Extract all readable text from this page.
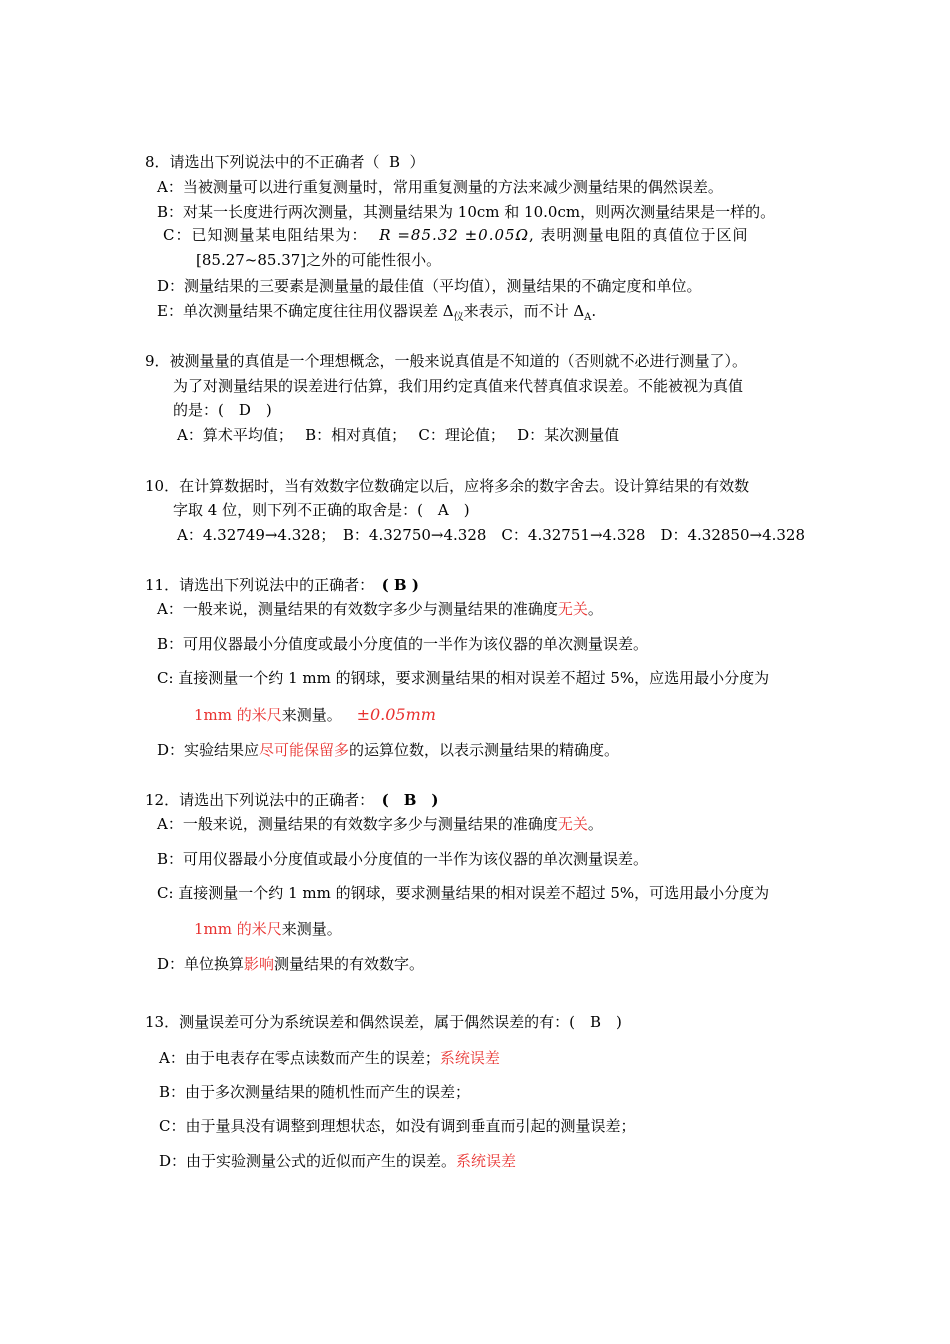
8．请选出下列说法中的不正确者（ B ）
A：当被测量可以进行重复测量时，常用重复测量的方法来减少测量结果的偶然误差。
B：对某一长度进行两次测量，其测量结果为 10cm 和 10.0cm，则两次测量结果是一样的。
C：已知测量某电阻结果为： R =85.32 ±0.05Ω, 表明测量电阻的真值位于区间
[85.27~85.37]之外的可能性很小。
D：测量结果的三要素是测量量的最佳值（平均值），测量结果的不确定度和单位。
E：单次测量结果不确定度往往用仪器误差 $\Delta_仪$来表示，而不计 $\Delta_A$.
9．被测量量的真值是一个理想概念，一般来说真值是不知道的（否则就不必进行测量了）。
为了对测量结果的误差进行估算，我们用约定真值来代替真值求误差。不能被视为真值
的是：(　D　)
A：算术平均值；　 B：相对真值；　 C：理论值；　 D：某次测量值
10．在计算数据时，当有效数字位数确定以后，应将多余的数字舍去。设计算结果的有效数
字取 4 位，则下列不正确的取舍是：(　A　)
A：4.32749→4.328；　B：4.32750→4.328　C：4.32751→4.328　D：4.32850→4.328
11．请选出下列说法中的正确者：　( B )
A：一般来说，测量结果的有效数字多少与测量结果的准确度无关。
B：可用仪器最小分值度或最小分度值的一半作为该仪器的单次测量误差。
C: 直接测量一个约 1 mm 的钢球，要求测量结果的相对误差不超过 5%，应选用最小分度为
1mm 的米尺来测量。 ±0.05mm
D：实验结果应尽可能保留多的运算位数，以表示测量结果的精确度。
12．请选出下列说法中的正确者：　(　B　)
A：一般来说，测量结果的有效数字多少与测量结果的准确度无关。
B：可用仪器最小分度值或最小分度值的一半作为该仪器的单次测量误差。
C: 直接测量一个约 1 mm 的钢球，要求测量结果的相对误差不超过 5%，可选用最小分度为
1mm 的米尺来测量。
D：单位换算影响测量结果的有效数字。
13．测量误差可分为系统误差和偶然误差，属于偶然误差的有：(　B　)
A：由于电表存在零点读数而产生的误差；系统误差
B：由于多次测量结果的随机性而产生的误差；
C：由于量具没有调整到理想状态，如没有调到垂直而引起的测量误差；
D：由于实验测量公式的近似而产生的误差。系统误差
